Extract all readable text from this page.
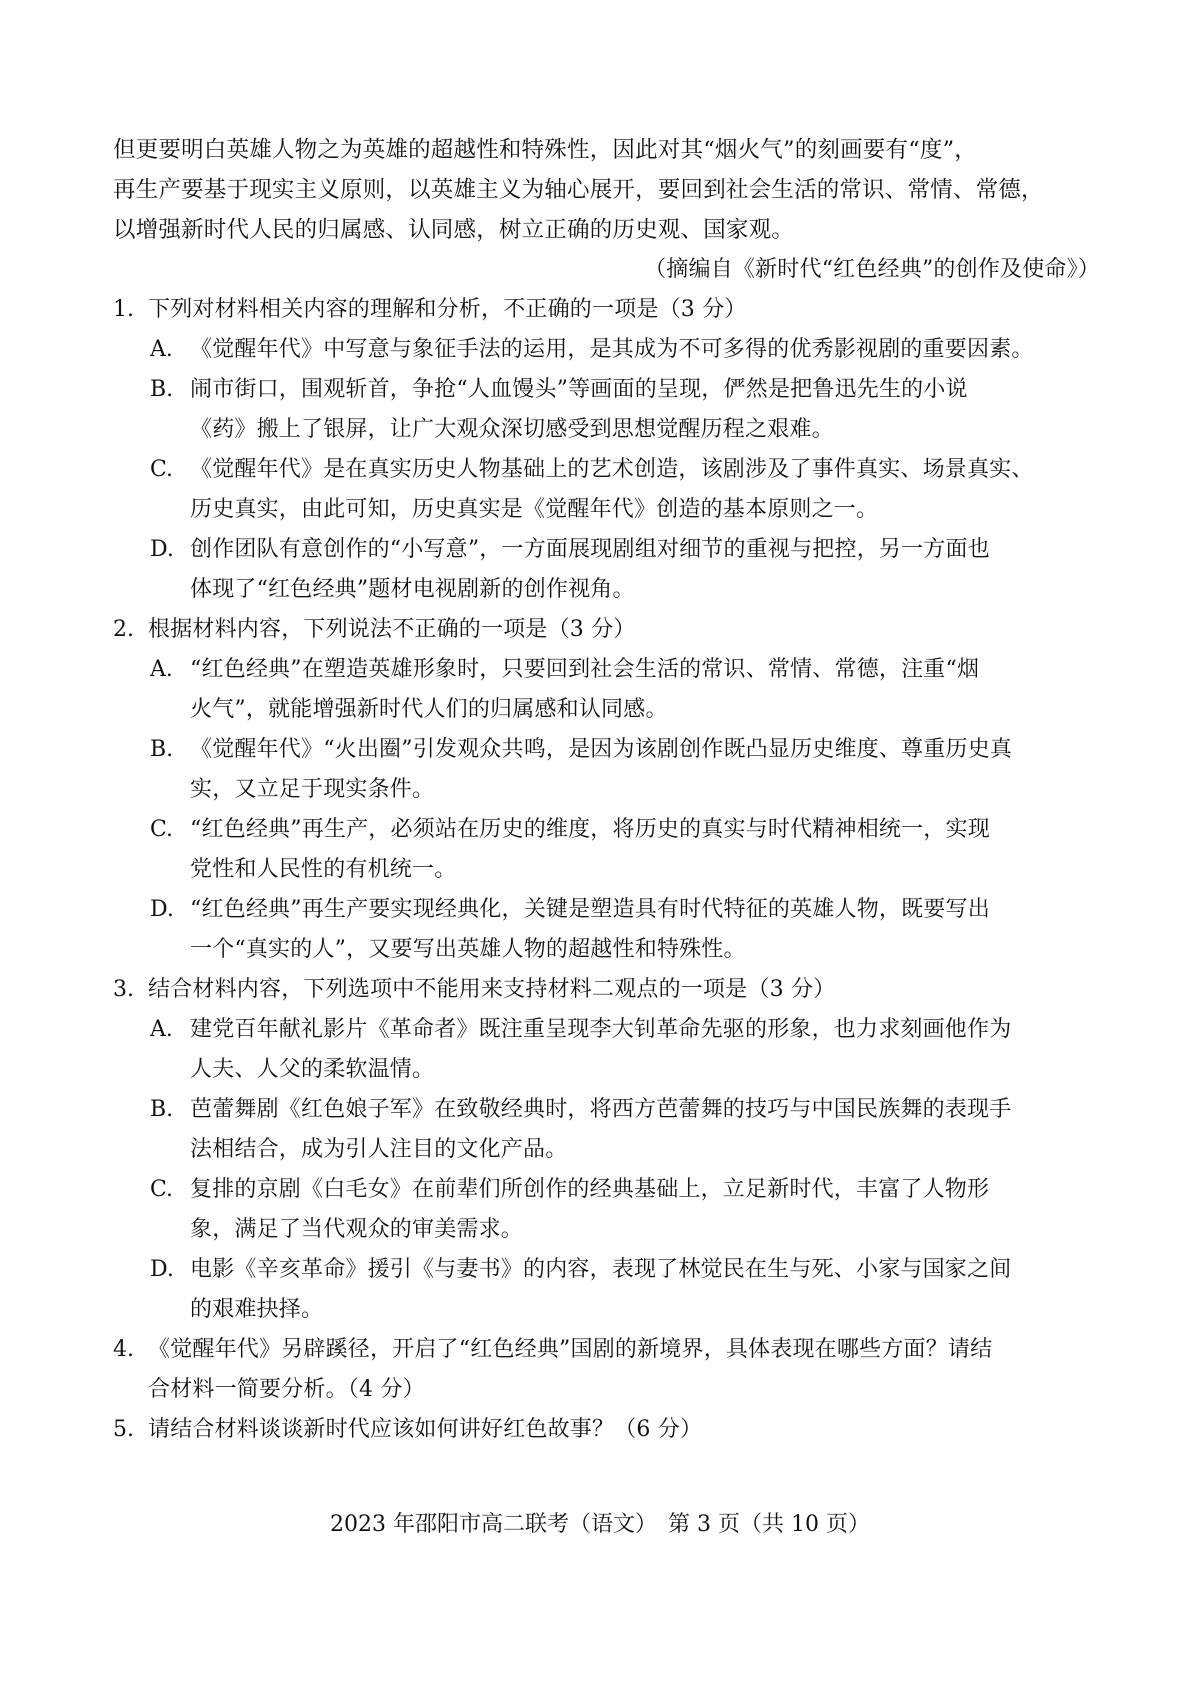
但更要明白英雄人物之为英雄的超越性和特殊性，因此对其“烟火气”的刻画要有“度”，
再生产要基于现实主义原则，以英雄主义为轴心展开，要回到社会生活的常识、常情、常德，
以增强新时代人民的归属感、认同感，树立正确的历史观、国家观。
（摘编自《新时代“红色经典”的创作及使命》）
1. 下列对材料相关内容的理解和分析，不正确的一项是（3 分）
A. 《觉醒年代》中写意与象征手法的运用，是其成为不可多得的优秀影视剧的重要因素。
B. 闹市街口，围观斩首，争抢“人血馒头”等画面的呈现，俨然是把鲁迅先生的小说
《药》搬上了银屏，让广大观众深切感受到思想觉醒历程之艰难。
C. 《觉醒年代》是在真实历史人物基础上的艺术创造，该剧涉及了事件真实、场景真实、
历史真实，由此可知，历史真实是《觉醒年代》创造的基本原则之一。
D. 创作团队有意创作的“小写意”，一方面展现剧组对细节的重视与把控，另一方面也
体现了“红色经典”题材电视剧新的创作视角。
2. 根据材料内容，下列说法不正确的一项是（3 分）
A. “红色经典”在塑造英雄形象时，只要回到社会生活的常识、常情、常德，注重“烟
火气”，就能增强新时代人们的归属感和认同感。
B. 《觉醒年代》“火出圈”引发观众共鸣，是因为该剧创作既凸显历史维度、尊重历史真
实，又立足于现实条件。
C. “红色经典”再生产，必须站在历史的维度，将历史的真实与时代精神相统一，实现
党性和人民性的有机统一。
D. “红色经典”再生产要实现经典化，关键是塑造具有时代特征的英雄人物，既要写出
一个“真实的人”，又要写出英雄人物的超越性和特殊性。
3. 结合材料内容，下列选项中不能用来支持材料二观点的一项是（3 分）
A. 建党百年献礼影片《革命者》既注重呈现李大钊革命先驱的形象，也力求刻画他作为
人夫、人父的柔软温情。
B. 芭蕾舞剧《红色娘子军》在致敬经典时，将西方芭蕾舞的技巧与中国民族舞的表现手
法相结合，成为引人注目的文化产品。
C. 复排的京剧《白毛女》在前辈们所创作的经典基础上，立足新时代，丰富了人物形
象，满足了当代观众的审美需求。
D. 电影《辛亥革命》援引《与妻书》的内容，表现了林觉民在生与死、小家与国家之间
的艰难抉择。
4. 《觉醒年代》另辟蹊径，开启了“红色经典”国剧的新境界，具体表现在哪些方面？请结
合材料一简要分析。（4 分）
5. 请结合材料谈谈新时代应该如何讲好红色故事？（6 分）
2023 年邵阳市高二联考（语文）　第 3 页（共 10 页）
